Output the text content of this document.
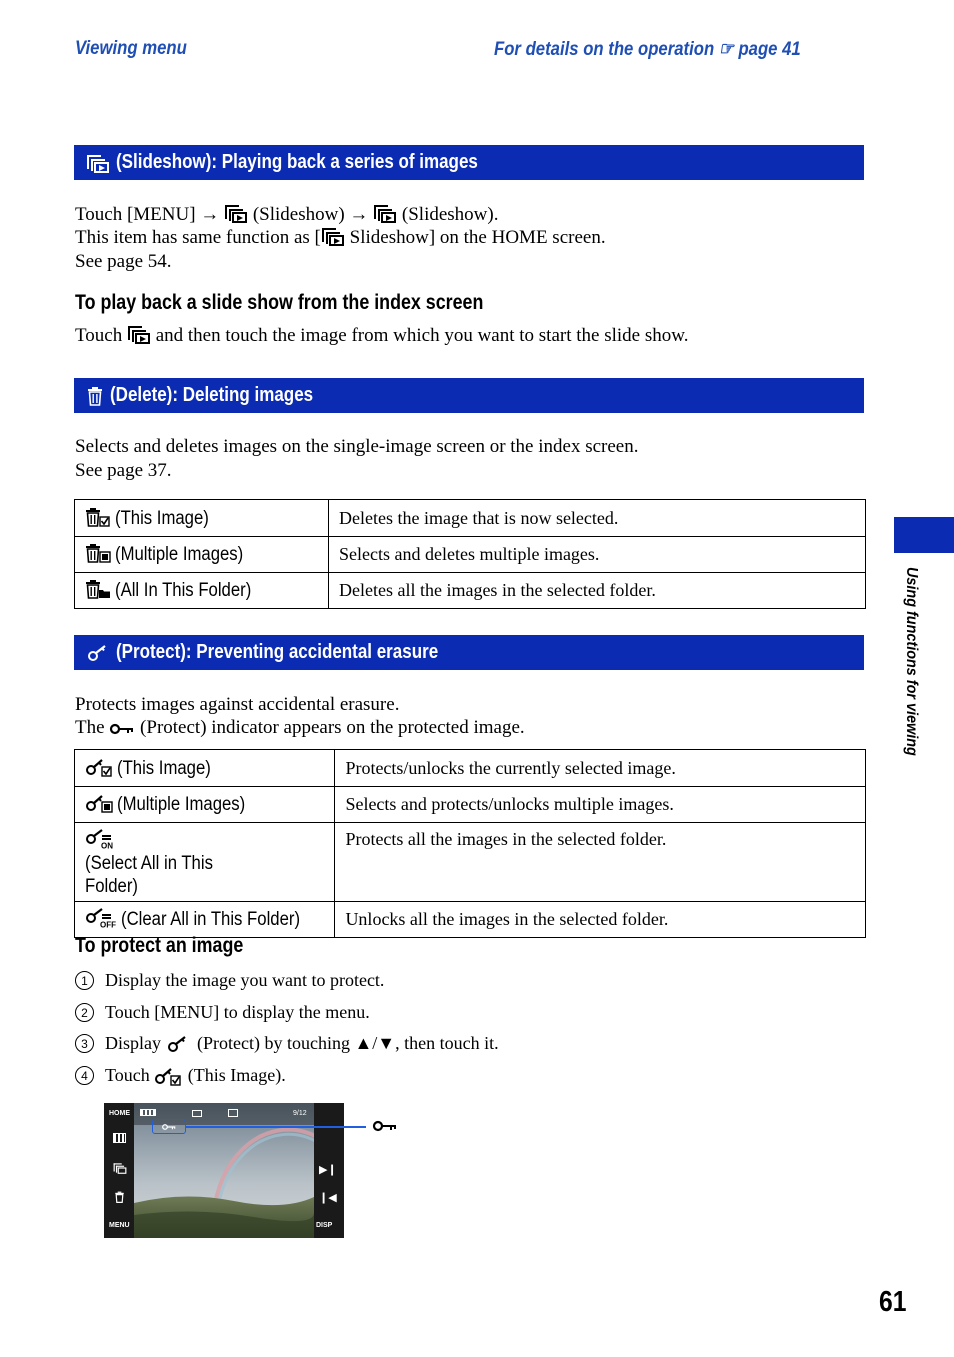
Viewing menu	For details on the operation ☞ page 41
(Slideshow): Playing back a series of images
Touch [MENU] → (Slideshow) → (Slideshow).
This item has same function as [ Slideshow] on the HOME screen.
See page 54.
To play back a slide show from the index screen
Touch and then touch the image from which you want to start the slide show.
(Delete): Deleting images
Selects and deletes images on the single-image screen or the index screen.
See page 37.
(This Image)	Deletes the image that is now selected.
(Multiple Images)	Selects and deletes multiple images.
(All In This Folder)	Deletes all the images in the selected folder.
(Protect): Preventing accidental erasure
Protects images against accidental erasure.
The (Protect) indicator appears on the protected image.
(This Image)	Protects/unlocks the currently selected image.
(Multiple Images)	Selects and protects/unlocks multiple images.

ON
(Select All in This Folder)	Protects all the images in the selected folder.

OFF (Clear All in This Folder)	Unlocks all the images in the selected folder.
To protect an image
1 Display the image you want to protect.
2 Touch [MENU] to display the menu.
3 Display (Protect) by touching ▲/▼, then touch it.
4 Touch (This Image).
HOME
MENU
9/12
▶❙
❙◀
DISP
Using functions for viewing
61
